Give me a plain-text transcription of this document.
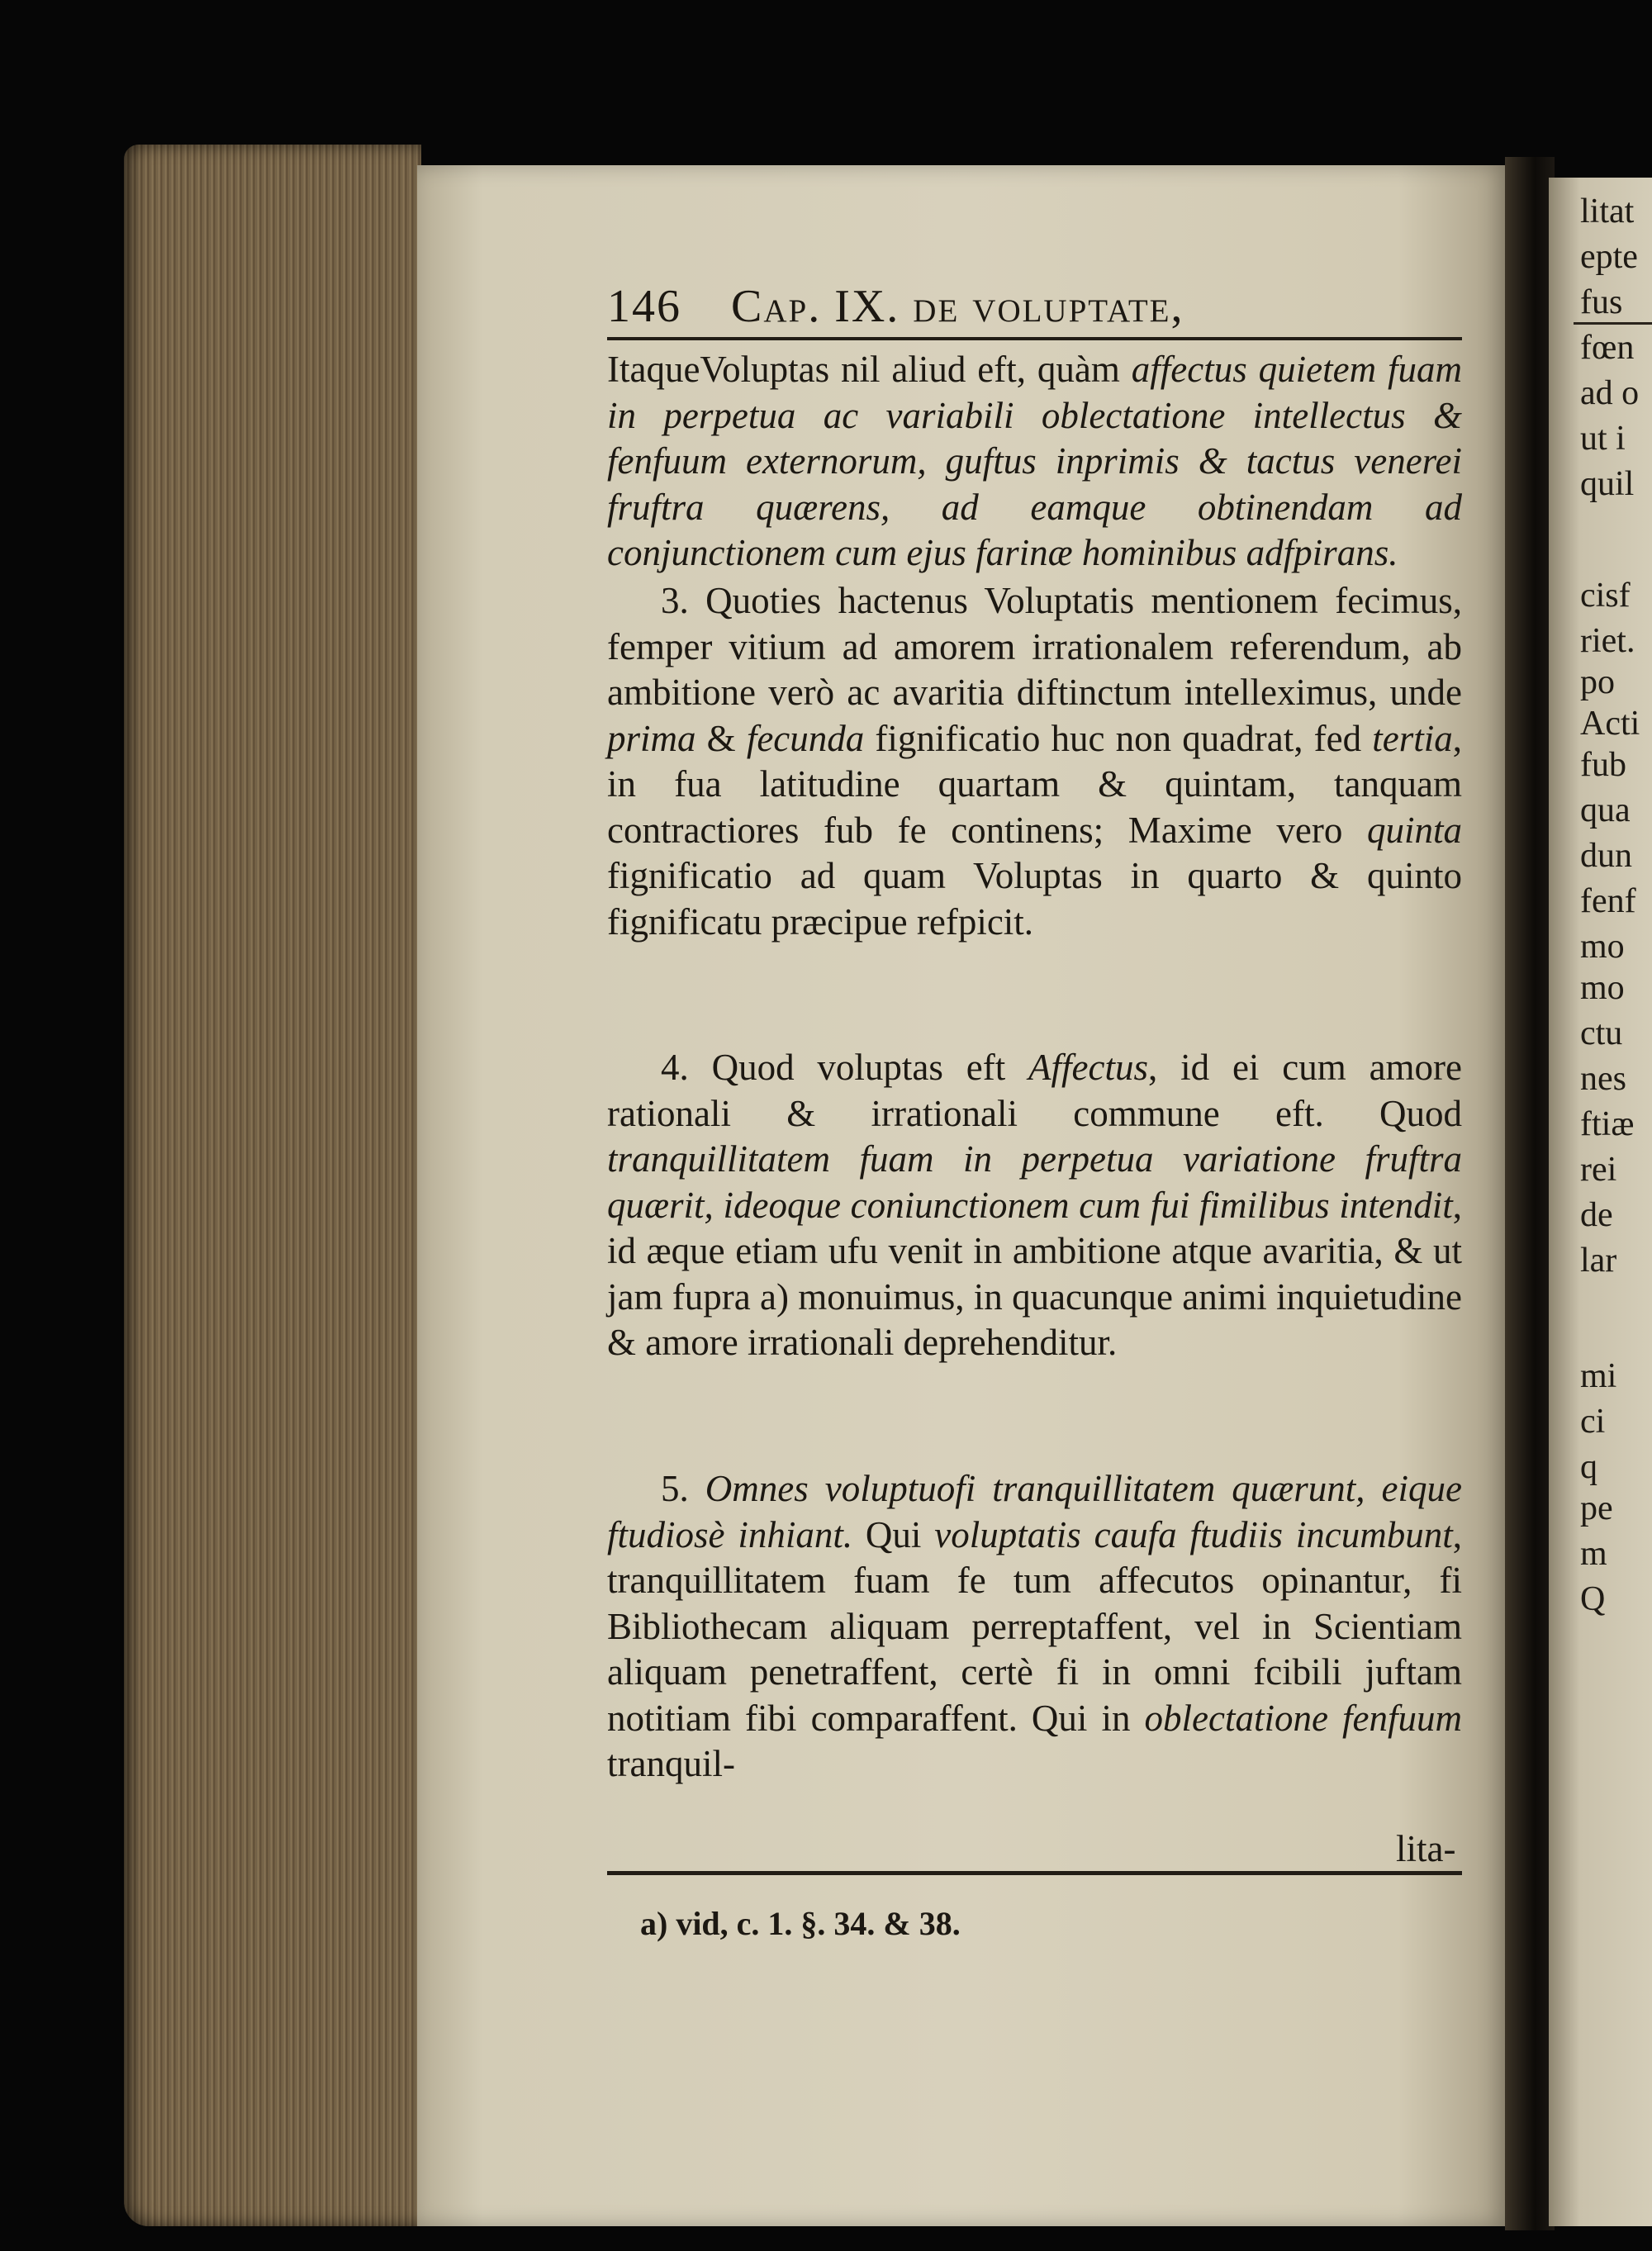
litat
epte
fus
fœn
ad o
ut i
quil
cisf
riet.
po
Acti
fub
qua
dun
fenf
mo
mo
ctu
nes
ftiæ
rei
de
lar
mi
ci
q
pe
m
Q
146 Cap. IX. de voluptate,

ItaqueVoluptas nil aliud eft, quàm affectus quietem fuam in perpetua ac variabili oblectatione intellectus & fenfuum externorum, guftus inprimis & tactus venerei fruftra quærens, ad eamque obtinendam ad conjunctionem cum ejus farinæ hominibus adfpirans.

3. Quoties hactenus Voluptatis mentionem fecimus, femper vitium ad amorem irrationalem referendum, ab ambitione verò ac avaritia diftinctum intelleximus, unde prima & fecunda fignificatio huc non quadrat, fed tertia, in fua latitudine quartam & quintam, tanquam contractiores fub fe continens; Maxime vero quinta fignificatio ad quam Voluptas in quarto & quinto fignificatu præcipue refpicit.

4. Quod voluptas eft Affectus, id ei cum amore rationali & irrationali commune eft. Quod tranquillitatem fuam in perpetua variatione fruftra quærit, ideoque coniunctionem cum fui fimilibus intendit, id æque etiam ufu venit in ambitione atque avaritia, & ut jam fupra a) monuimus, in quacunque animi inquietudine & amore irrationali deprehenditur.

5. Omnes voluptuofi tranquillitatem quærunt, eique ftudiosè inhiant. Qui voluptatis caufa ftudiis incumbunt, tranquillitatem fuam fe tum affecutos opinantur, fi Bibliothecam aliquam perreptaffent, vel in Scientiam aliquam penetraffent, certè fi in omni fcibili juftam notitiam fibi comparaffent. Qui in oblectatione fenfuum tranquil-

lita-
a) vid, c. 1. §. 34. & 38.
